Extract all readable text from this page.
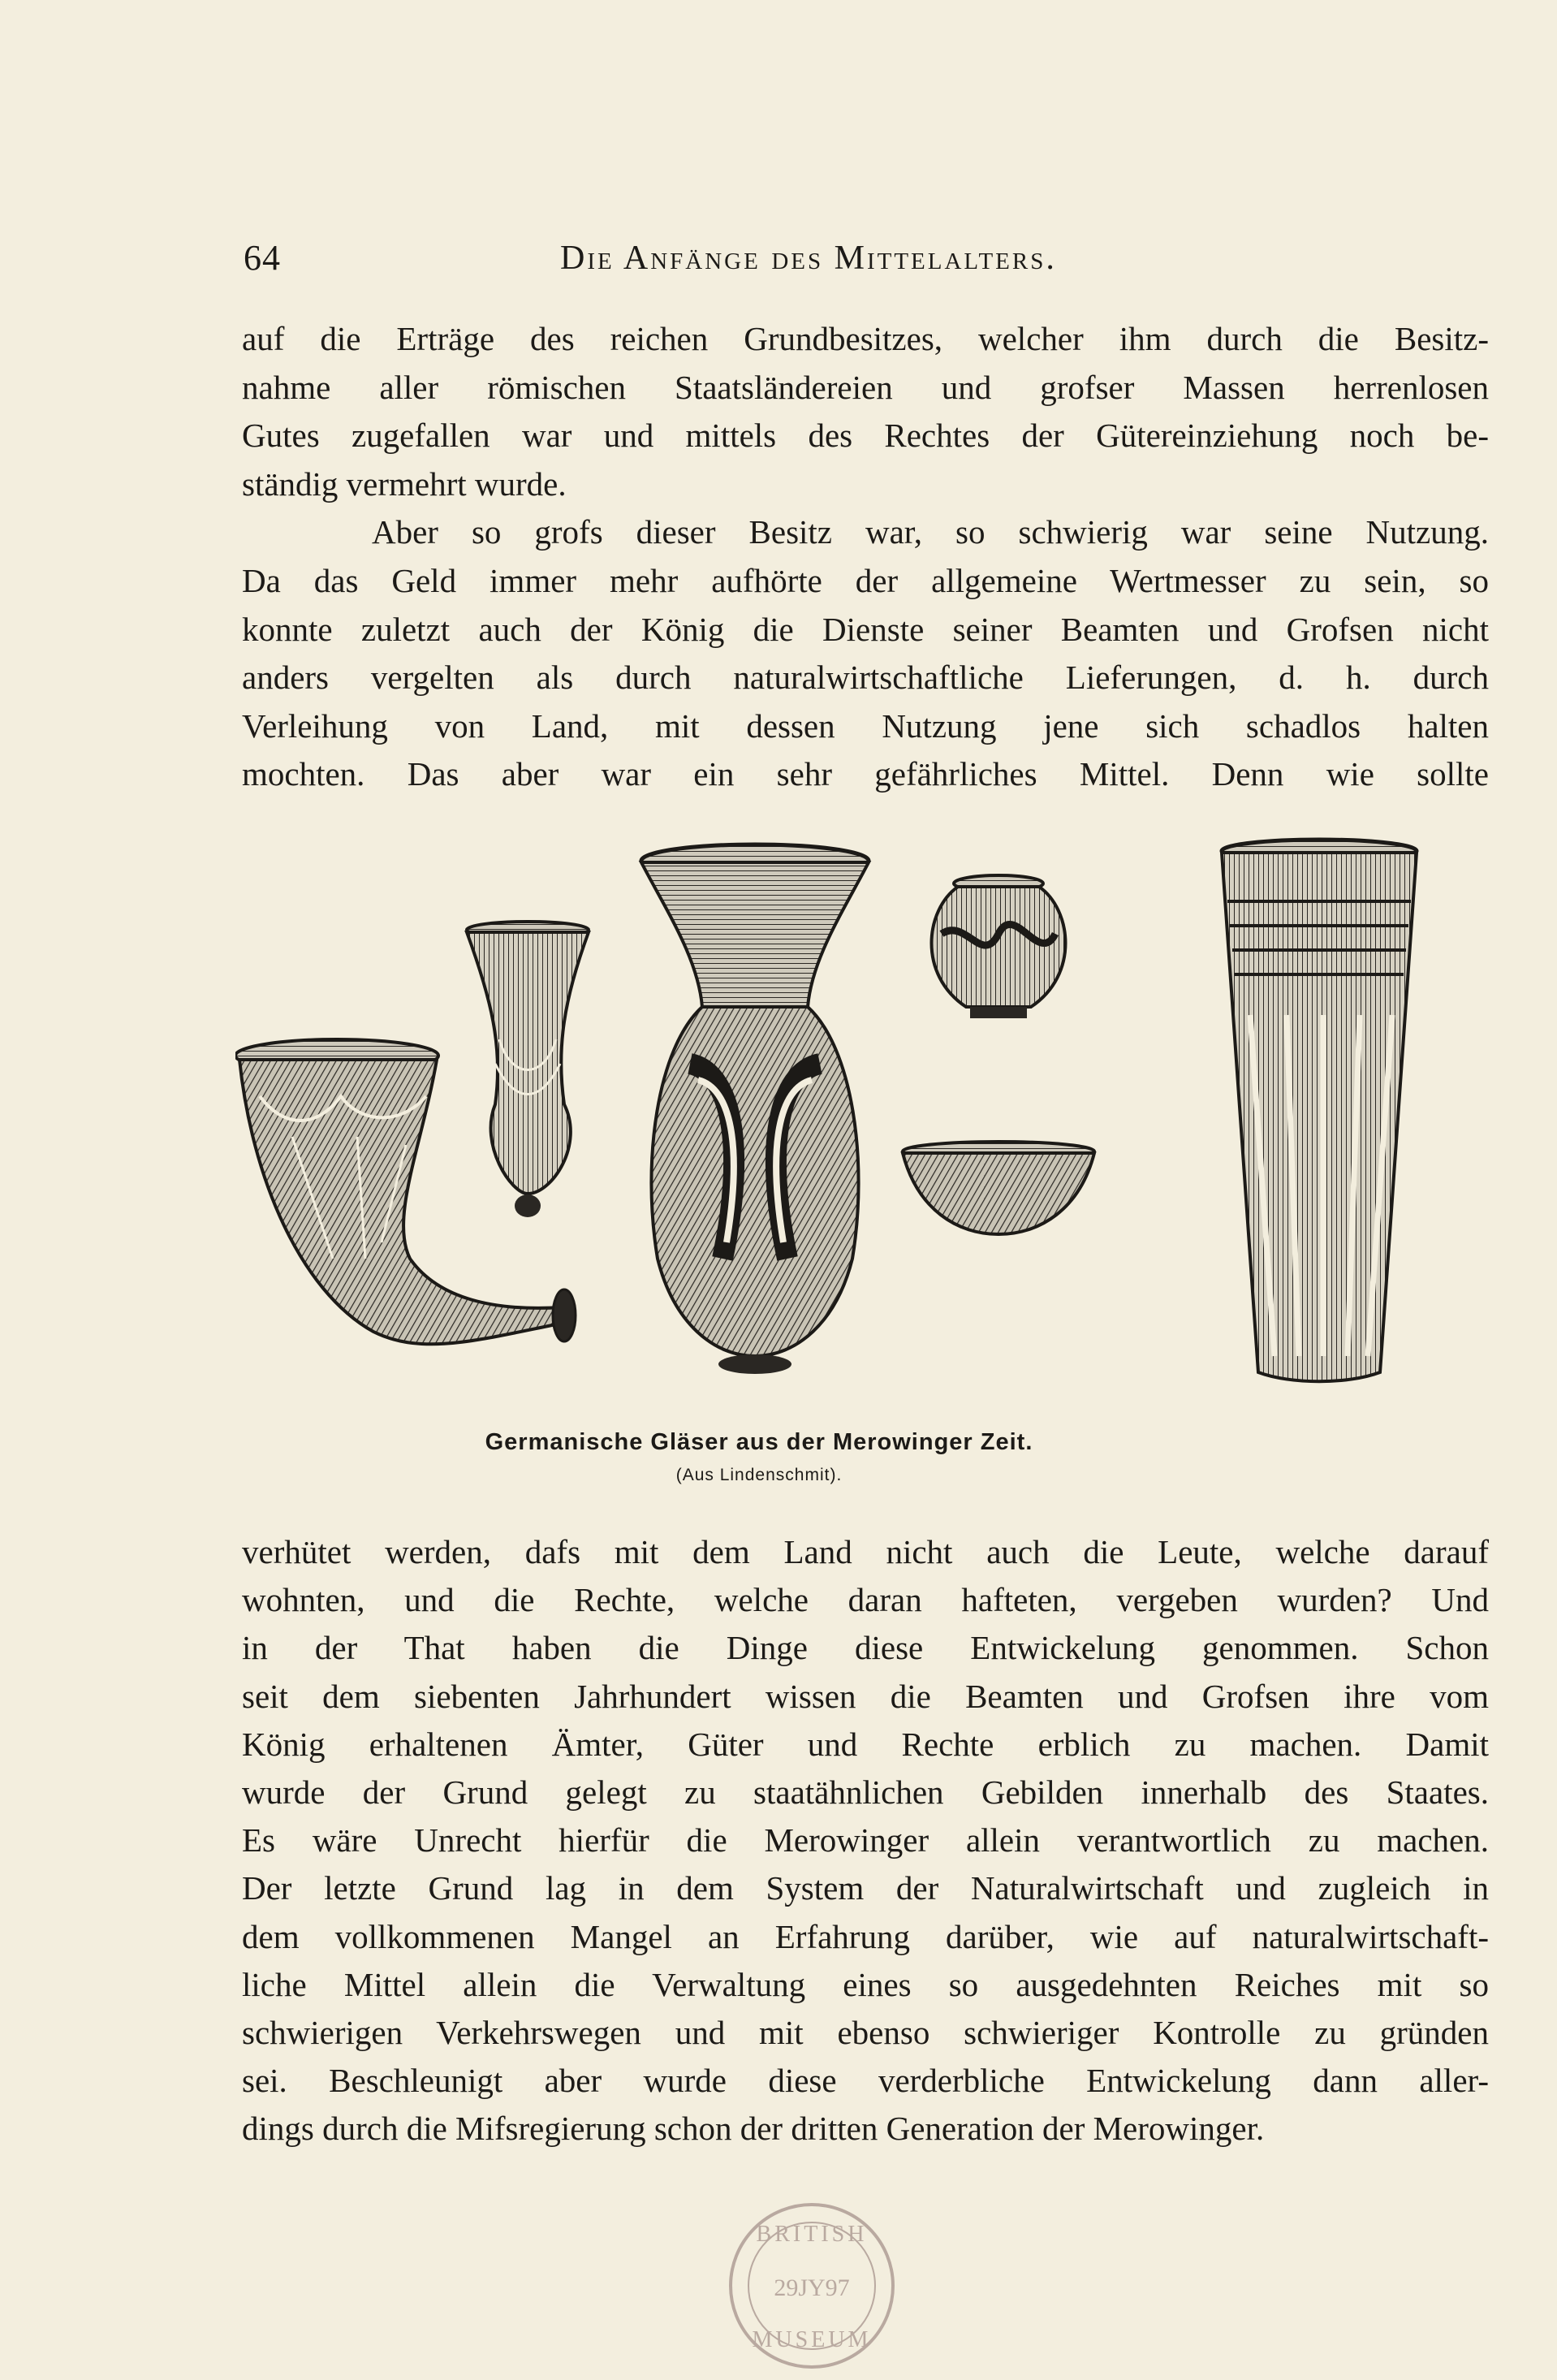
64	Die Anfänge des Mittelalters.
auf die Erträge des reichen Grundbesitzes, welcher ihm durch die Besitz-
nahme aller römischen Staatsländereien und grofser Massen herrenlosen
Gutes zugefallen war und mittels des Rechtes der Gütereinziehung noch be-
ständig vermehrt wurde.
Aber so grofs dieser Besitz war, so schwierig war seine Nutzung.
Da das Geld immer mehr aufhörte der allgemeine Wertmesser zu sein, so
konnte zuletzt auch der König die Dienste seiner Beamten und Grofsen nicht
anders vergelten als durch naturalwirtschaftliche Lieferungen, d. h. durch
Verleihung von Land, mit dessen Nutzung jene sich schadlos halten
mochten. Das aber war ein sehr gefährliches Mittel. Denn wie sollte
Germanische Gläser aus der Merowinger Zeit.
(Aus Lindenschmit).
verhütet werden, dafs mit dem Land nicht auch die Leute, welche darauf
wohnten, und die Rechte, welche daran hafteten, vergeben wurden? Und
in der That haben die Dinge diese Entwickelung genommen. Schon
seit dem siebenten Jahrhundert wissen die Beamten und Grofsen ihre vom
König erhaltenen Ämter, Güter und Rechte erblich zu machen. Damit
wurde der Grund gelegt zu staatähnlichen Gebilden innerhalb des Staates.
Es wäre Unrecht hierfür die Merowinger allein verantwortlich zu machen.
Der letzte Grund lag in dem System der Naturalwirtschaft und zugleich in
dem vollkommenen Mangel an Erfahrung darüber, wie auf naturalwirtschaft-
liche Mittel allein die Verwaltung eines so ausgedehnten Reiches mit so
schwierigen Verkehrswegen und mit ebenso schwieriger Kontrolle zu gründen
sei. Beschleunigt aber wurde diese verderbliche Entwickelung dann aller-
dings durch die Mifsregierung schon der dritten Generation der Merowinger.
BRITISH
29JY97
MUSEUM
